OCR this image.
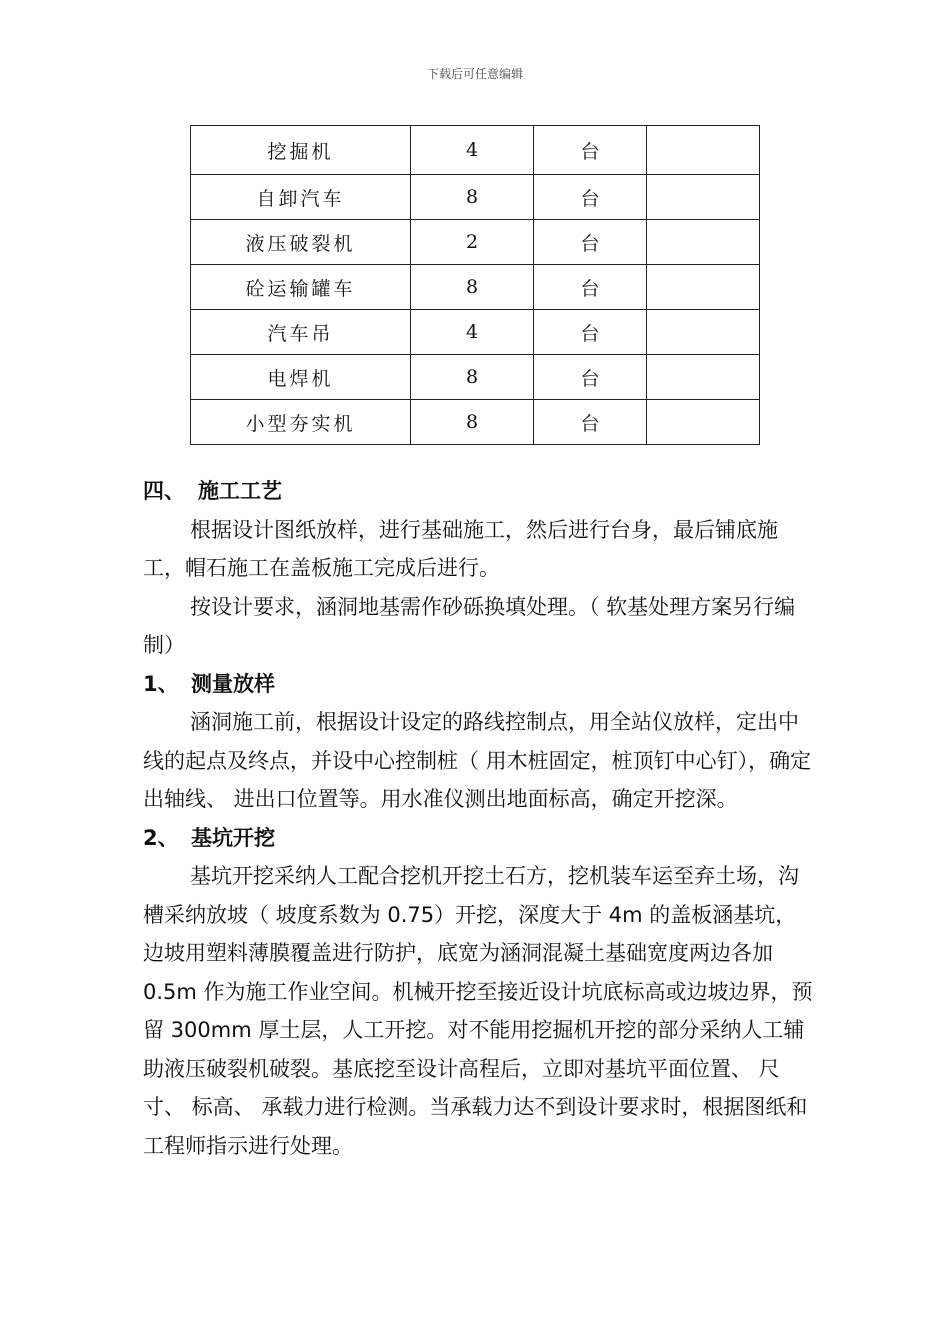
下载后可任意编辑
挖掘机	4	台	
自卸汽车	8	台	
液压破裂机	2	台	
砼运输罐车	8	台	
汽车吊	4	台	
电焊机	8	台	
小型夯实机	8	台	

四、 施工工艺

根据设计图纸放样，进行基础施工，然后进行台身，最后铺底施工，帽石施工在盖板施工完成后进行。

按设计要求，涵洞地基需作砂砾换填处理。（ 软基处理方案另行编制）

1、 测量放样

涵洞施工前，根据设计设定的路线控制点，用全站仪放样，定出中线的起点及终点，并设中心控制桩（ 用木桩固定，桩顶钉中心钉），确定出轴线、 进出口位置等。用水准仪测出地面标高，确定开挖深。

2、 基坑开挖

基坑开挖采纳人工配合挖机开挖土石方，挖机装车运至弃土场，沟槽采纳放坡（ 坡度系数为 0.75）开挖，深度大于 4m 的盖板涵基坑，边坡用塑料薄膜覆盖进行防护，底宽为涵洞混凝土基础宽度两边各加 0.5m 作为施工作业空间。机械开挖至接近设计坑底标高或边坡边界，预留 300mm 厚土层，人工开挖。对不能用挖掘机开挖的部分采纳人工辅助液压破裂机破裂。基底挖至设计高程后，立即对基坑平面位置、 尺寸、 标高、 承载力进行检测。当承载力达不到设计要求时，根据图纸和工程师指示进行处理。
